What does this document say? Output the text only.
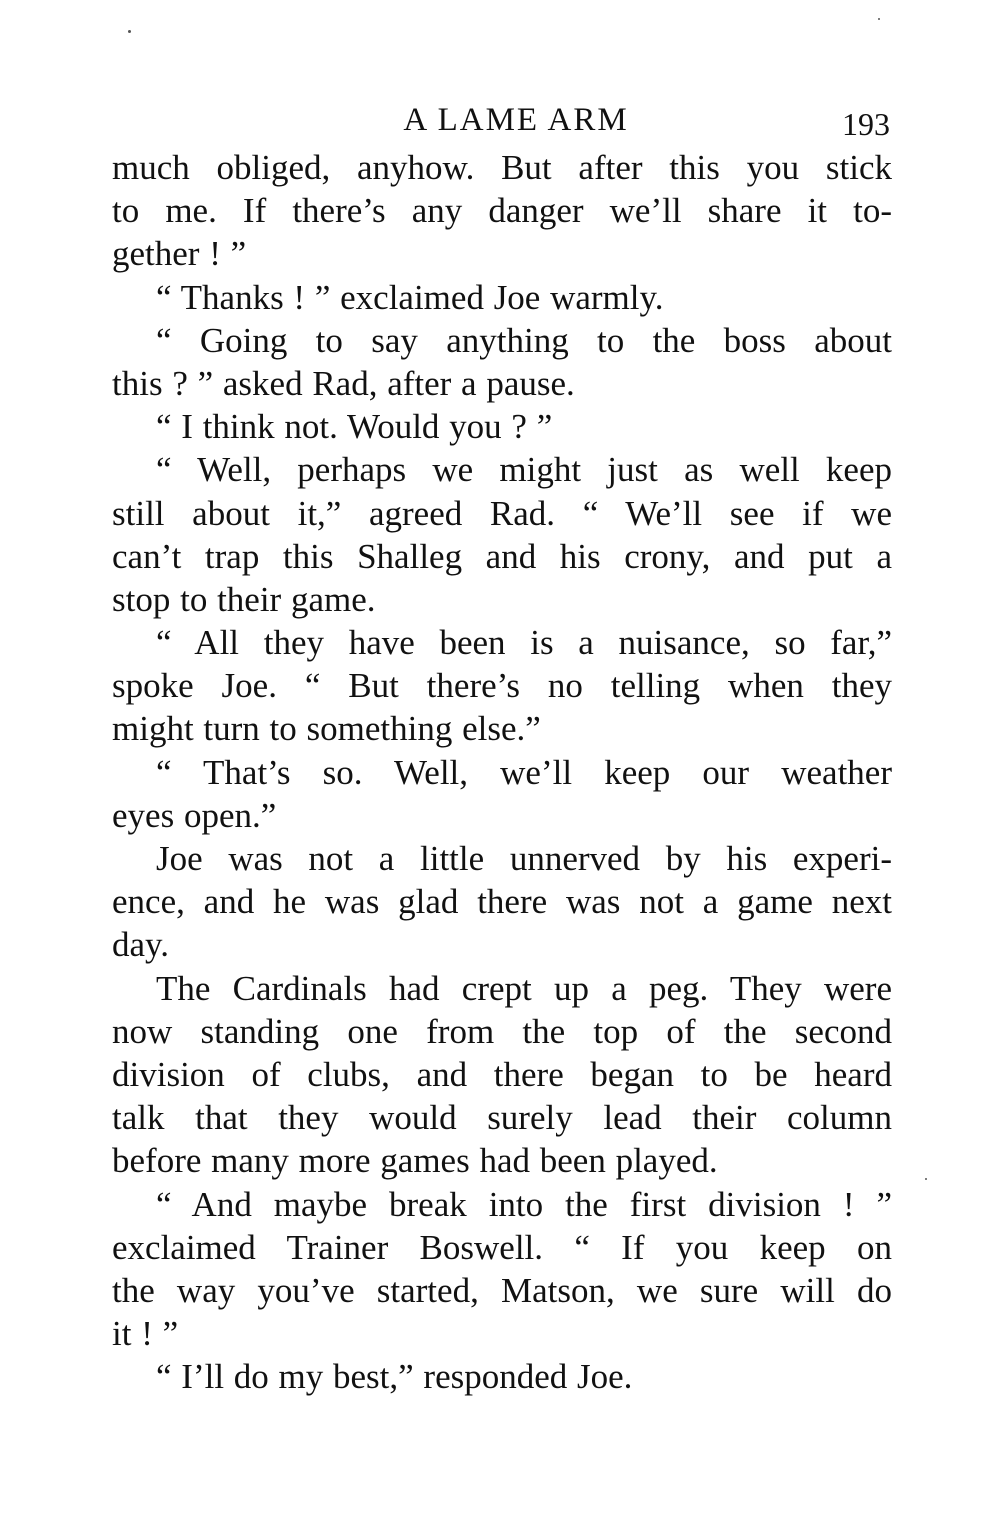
A LAME ARM	193
much obliged, anyhow. But after this you stick
to me. If there’s any danger we’ll share it to-
gether ! ”
“ Thanks ! ” exclaimed Joe warmly.
“ Going to say anything to the boss about
this ? ” asked Rad, after a pause.
“ I think not. Would you ? ”
“ Well, perhaps we might just as well keep
still about it,” agreed Rad. “ We’ll see if we
can’t trap this Shalleg and his crony, and put a
stop to their game.
“ All they have been is a nuisance, so far,”
spoke Joe. “ But there’s no telling when they
might turn to something else.”
“ That’s so. Well, we’ll keep our weather
eyes open.”
Joe was not a little unnerved by his experi-
ence, and he was glad there was not a game next
day.
The Cardinals had crept up a peg. They were
now standing one from the top of the second
division of clubs, and there began to be heard
talk that they would surely lead their column
before many more games had been played.
“ And maybe break into the first division ! ”
exclaimed Trainer Boswell. “ If you keep on
the way you’ve started, Matson, we sure will do
it ! ”
“ I’ll do my best,” responded Joe.
